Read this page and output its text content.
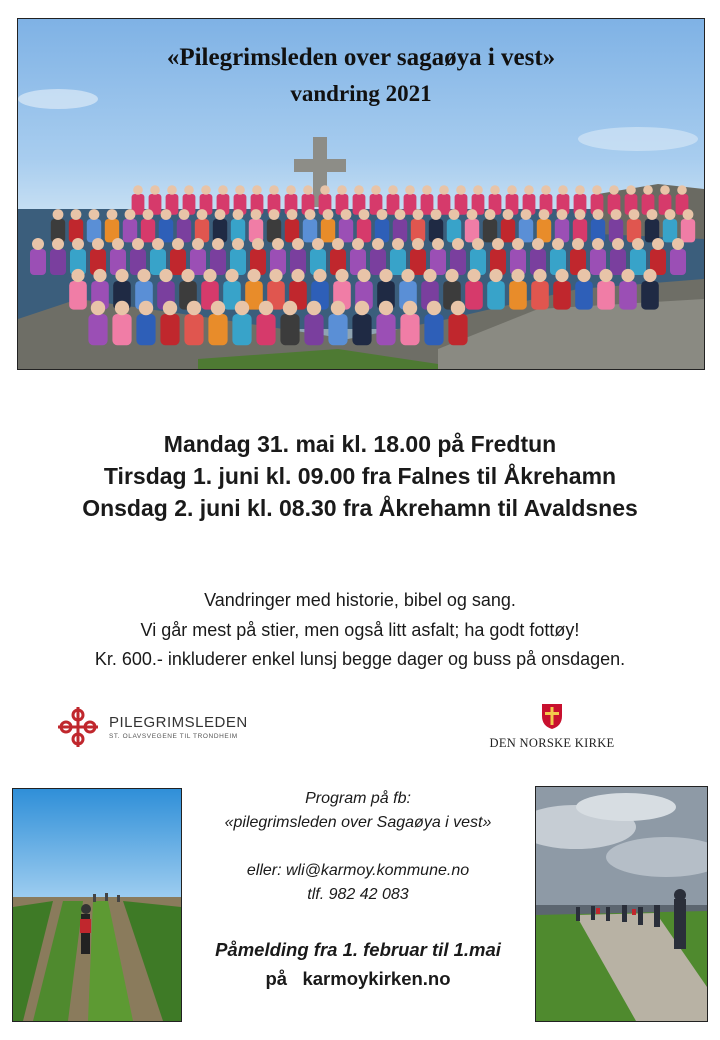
«Pilegrimsleden over sagaøya i vest»
vandring 2021
Mandag 31. mai kl. 18.00 på Fredtun
Tirsdag 1. juni kl. 09.00 fra Falnes til Åkrehamn
Onsdag 2. juni kl. 08.30 fra Åkrehamn til Avaldsnes
Vandringer med historie, bibel og sang.
Vi går mest på stier, men også litt asfalt; ha godt fottøy!
Kr. 600.- inkluderer enkel lunsj begge dager og buss på onsdagen.
PILEGRIMSLEDEN
ST. OLAVSVEGENE TIL TRONDHEIM	DEN NORSKE KIRKE
Program på fb:
«pilegrimsleden over Sagaøya i vest»
eller: wli@karmoy.kommune.no
tlf. 982 42 083
Påmelding fra 1. februar til 1.mai
på   karmoykirken.no
